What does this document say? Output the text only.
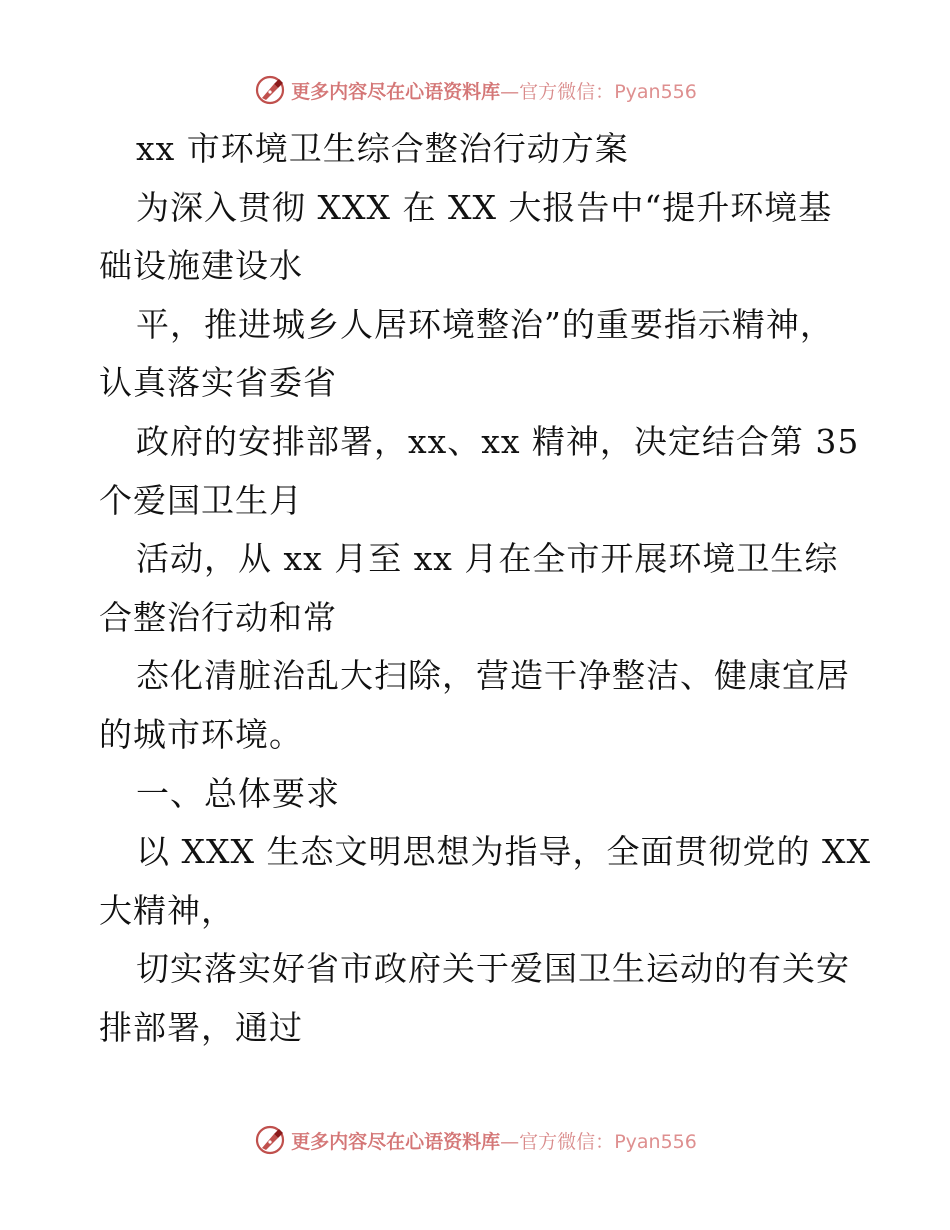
更多内容尽在心语资料库—官方微信：Pyan556
xx 市环境卫生综合整治行动方案
为深入贯彻 XXX 在 XX 大报告中“提升环境基
础设施建设水
平，推进城乡人居环境整治”的重要指示精神，
认真落实省委省
政府的安排部署，xx、xx 精神，决定结合第 35
个爱国卫生月
活动，从 xx 月至 xx 月在全市开展环境卫生综
合整治行动和常
态化清脏治乱大扫除，营造干净整洁、健康宜居
的城市环境。
一、总体要求
以 XXX 生态文明思想为指导，全面贯彻党的 XX
大精神，
切实落实好省市政府关于爱国卫生运动的有关安
排部署，通过
更多内容尽在心语资料库—官方微信：Pyan556
